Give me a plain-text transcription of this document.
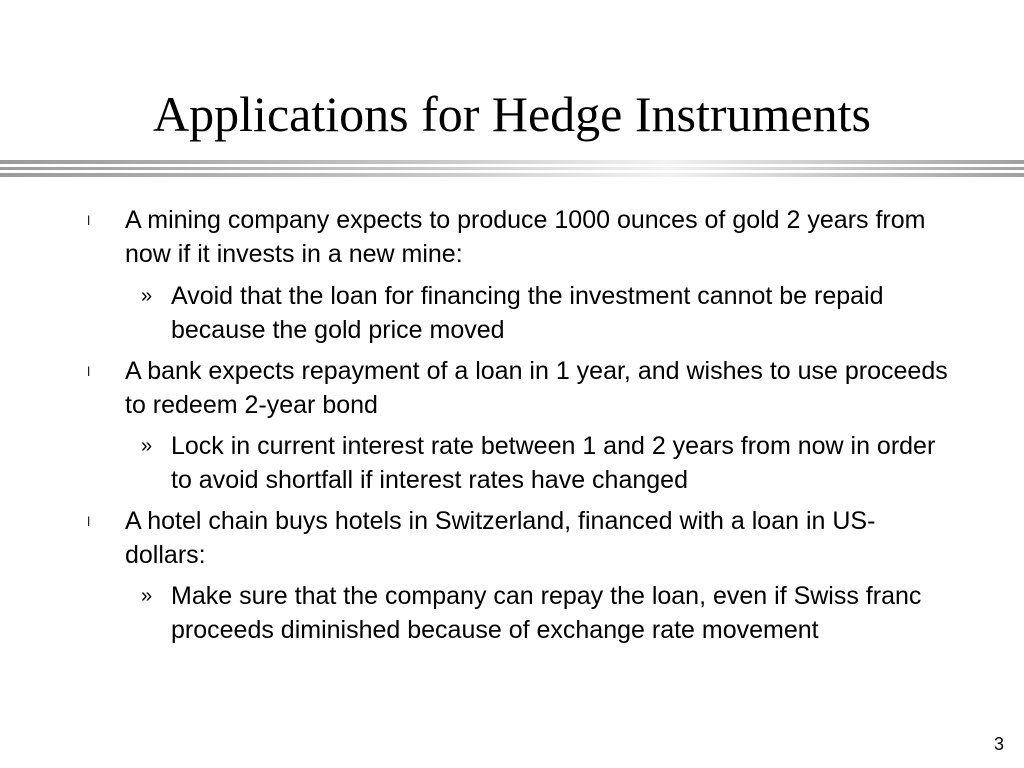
Applications for Hedge Instruments
l A mining company expects to produce 1000 ounces of gold 2 years from now if it invests in a new mine:
» Avoid that the loan for financing the investment cannot be repaid because the gold price moved
l A bank expects repayment of a loan in 1 year, and wishes to use proceeds to redeem 2-year bond
» Lock in current interest rate between 1 and 2 years from now in order to avoid shortfall if interest rates have changed
l A hotel chain buys hotels in Switzerland, financed with a loan in US-dollars:
» Make sure that the company can repay the loan, even if Swiss franc proceeds diminished because of exchange rate movement
3
